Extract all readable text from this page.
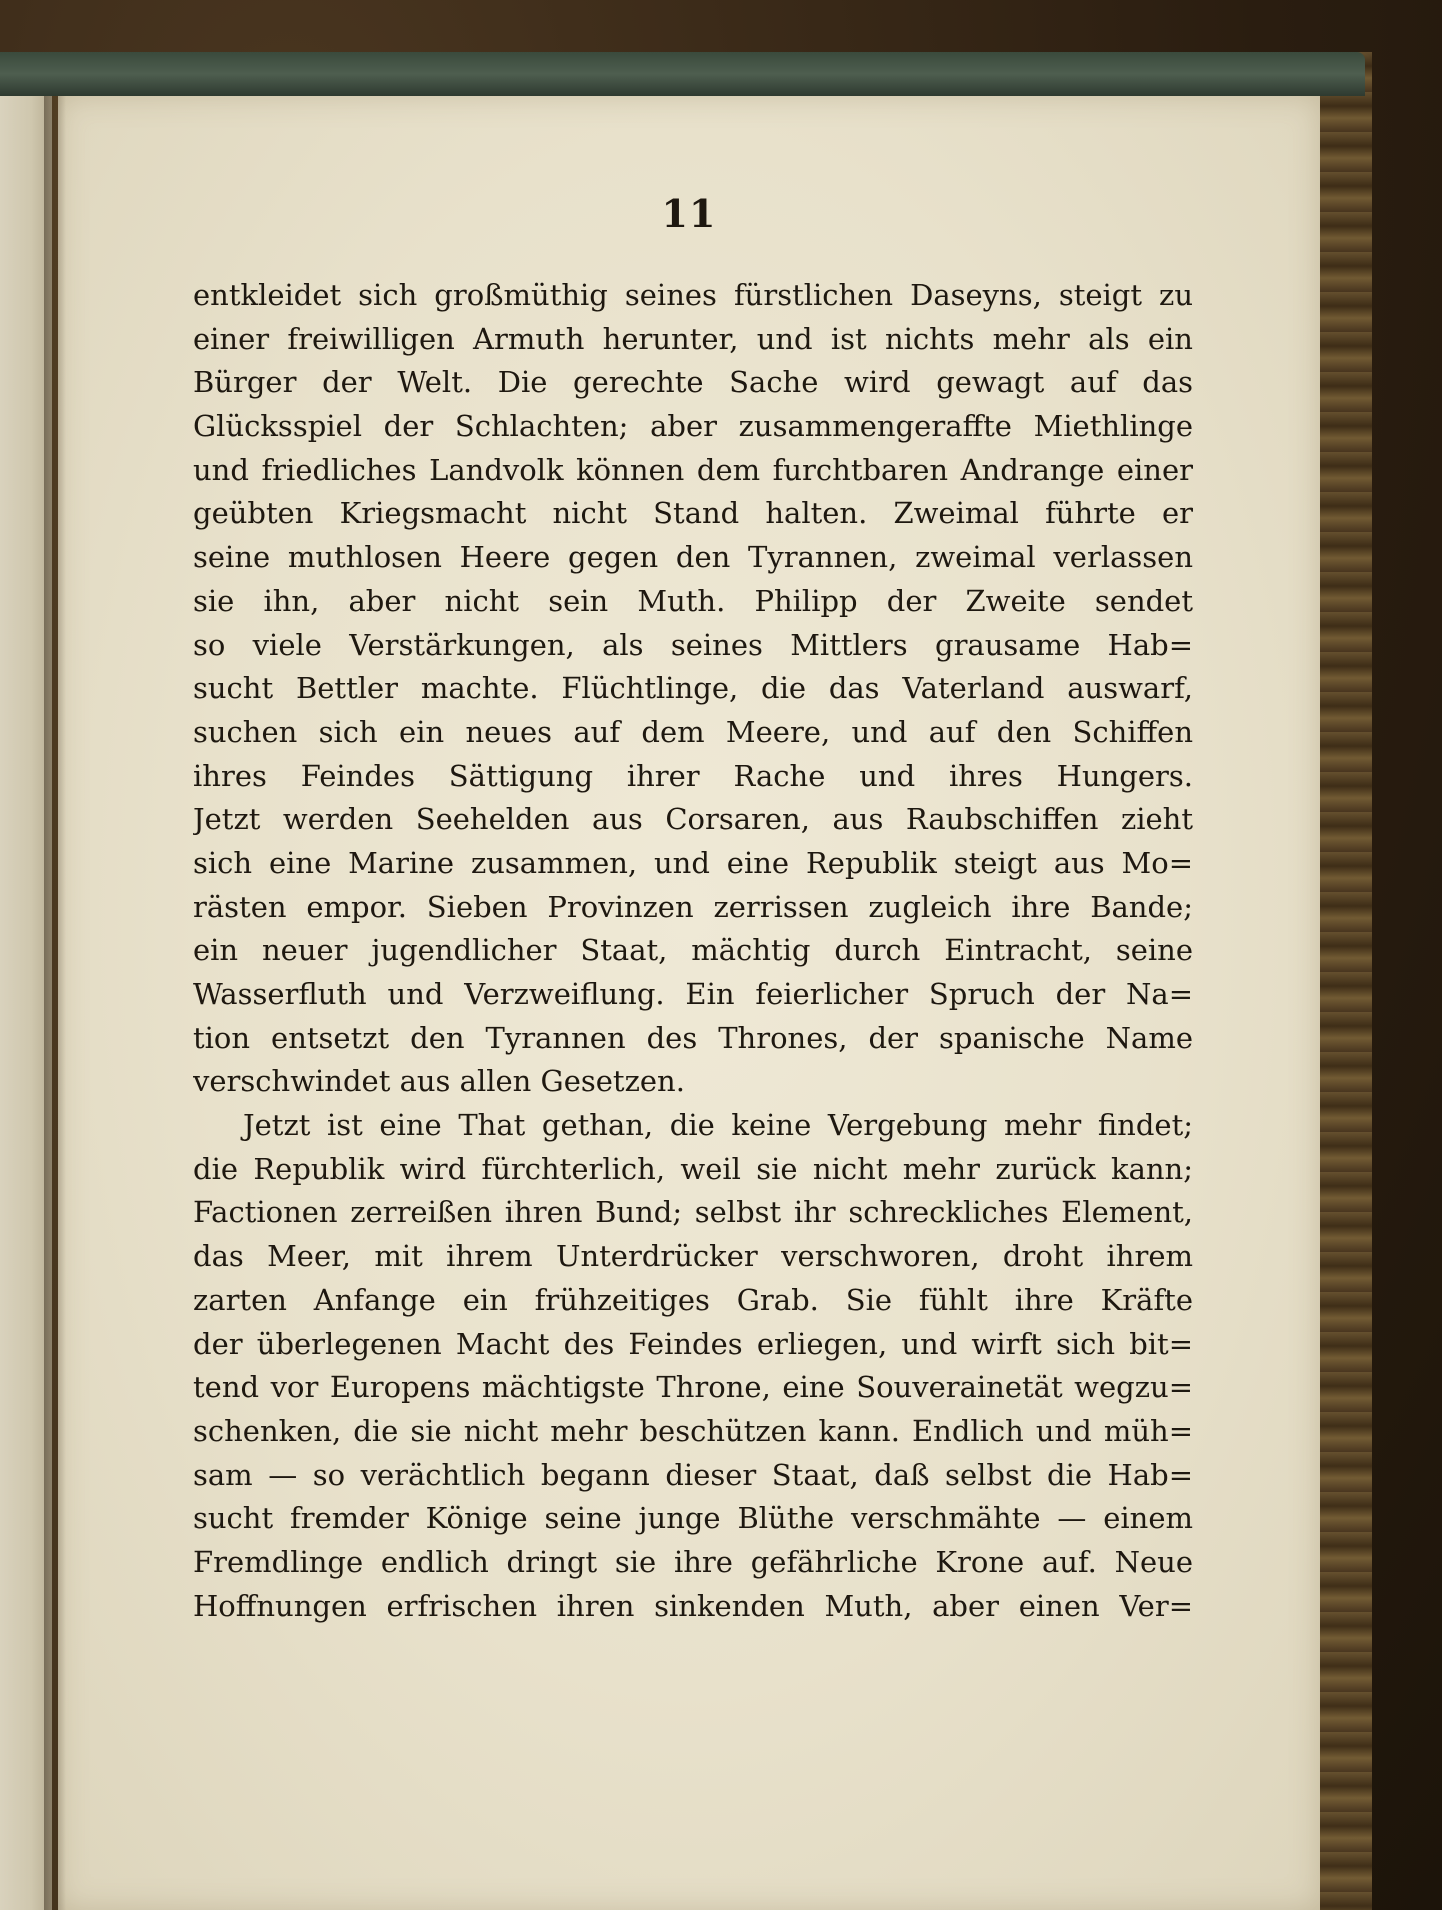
11
entkleidet sich großmüthig seines fürstlichen Daseyns, steigt zu
einer freiwilligen Armuth herunter, und ist nichts mehr als ein
Bürger der Welt. Die gerechte Sache wird gewagt auf das
Glücksspiel der Schlachten; aber zusammengeraffte Miethlinge
und friedliches Landvolk können dem furchtbaren Andrange einer
geübten Kriegsmacht nicht Stand halten. Zweimal führte er
seine muthlosen Heere gegen den Tyrannen, zweimal verlassen
sie ihn, aber nicht sein Muth. Philipp der Zweite sendet
so viele Verstärkungen, als seines Mittlers grausame Hab=
sucht Bettler machte. Flüchtlinge, die das Vaterland auswarf,
suchen sich ein neues auf dem Meere, und auf den Schiffen
ihres Feindes Sättigung ihrer Rache und ihres Hungers.
Jetzt werden Seehelden aus Corsaren, aus Raubschiffen zieht
sich eine Marine zusammen, und eine Republik steigt aus Mo=
rästen empor. Sieben Provinzen zerrissen zugleich ihre Bande;
ein neuer jugendlicher Staat, mächtig durch Eintracht, seine
Wasserfluth und Verzweiflung. Ein feierlicher Spruch der Na=
tion entsetzt den Tyrannen des Thrones, der spanische Name
verschwindet aus allen Gesetzen.
Jetzt ist eine That gethan, die keine Vergebung mehr findet;
die Republik wird fürchterlich, weil sie nicht mehr zurück kann;
Factionen zerreißen ihren Bund; selbst ihr schreckliches Element,
das Meer, mit ihrem Unterdrücker verschworen, droht ihrem
zarten Anfange ein frühzeitiges Grab. Sie fühlt ihre Kräfte
der überlegenen Macht des Feindes erliegen, und wirft sich bit=
tend vor Europens mächtigste Throne, eine Souverainetät wegzu=
schenken, die sie nicht mehr beschützen kann. Endlich und müh=
sam — so verächtlich begann dieser Staat, daß selbst die Hab=
sucht fremder Könige seine junge Blüthe verschmähte — einem
Fremdlinge endlich dringt sie ihre gefährliche Krone auf. Neue
Hoffnungen erfrischen ihren sinkenden Muth, aber einen Ver=
